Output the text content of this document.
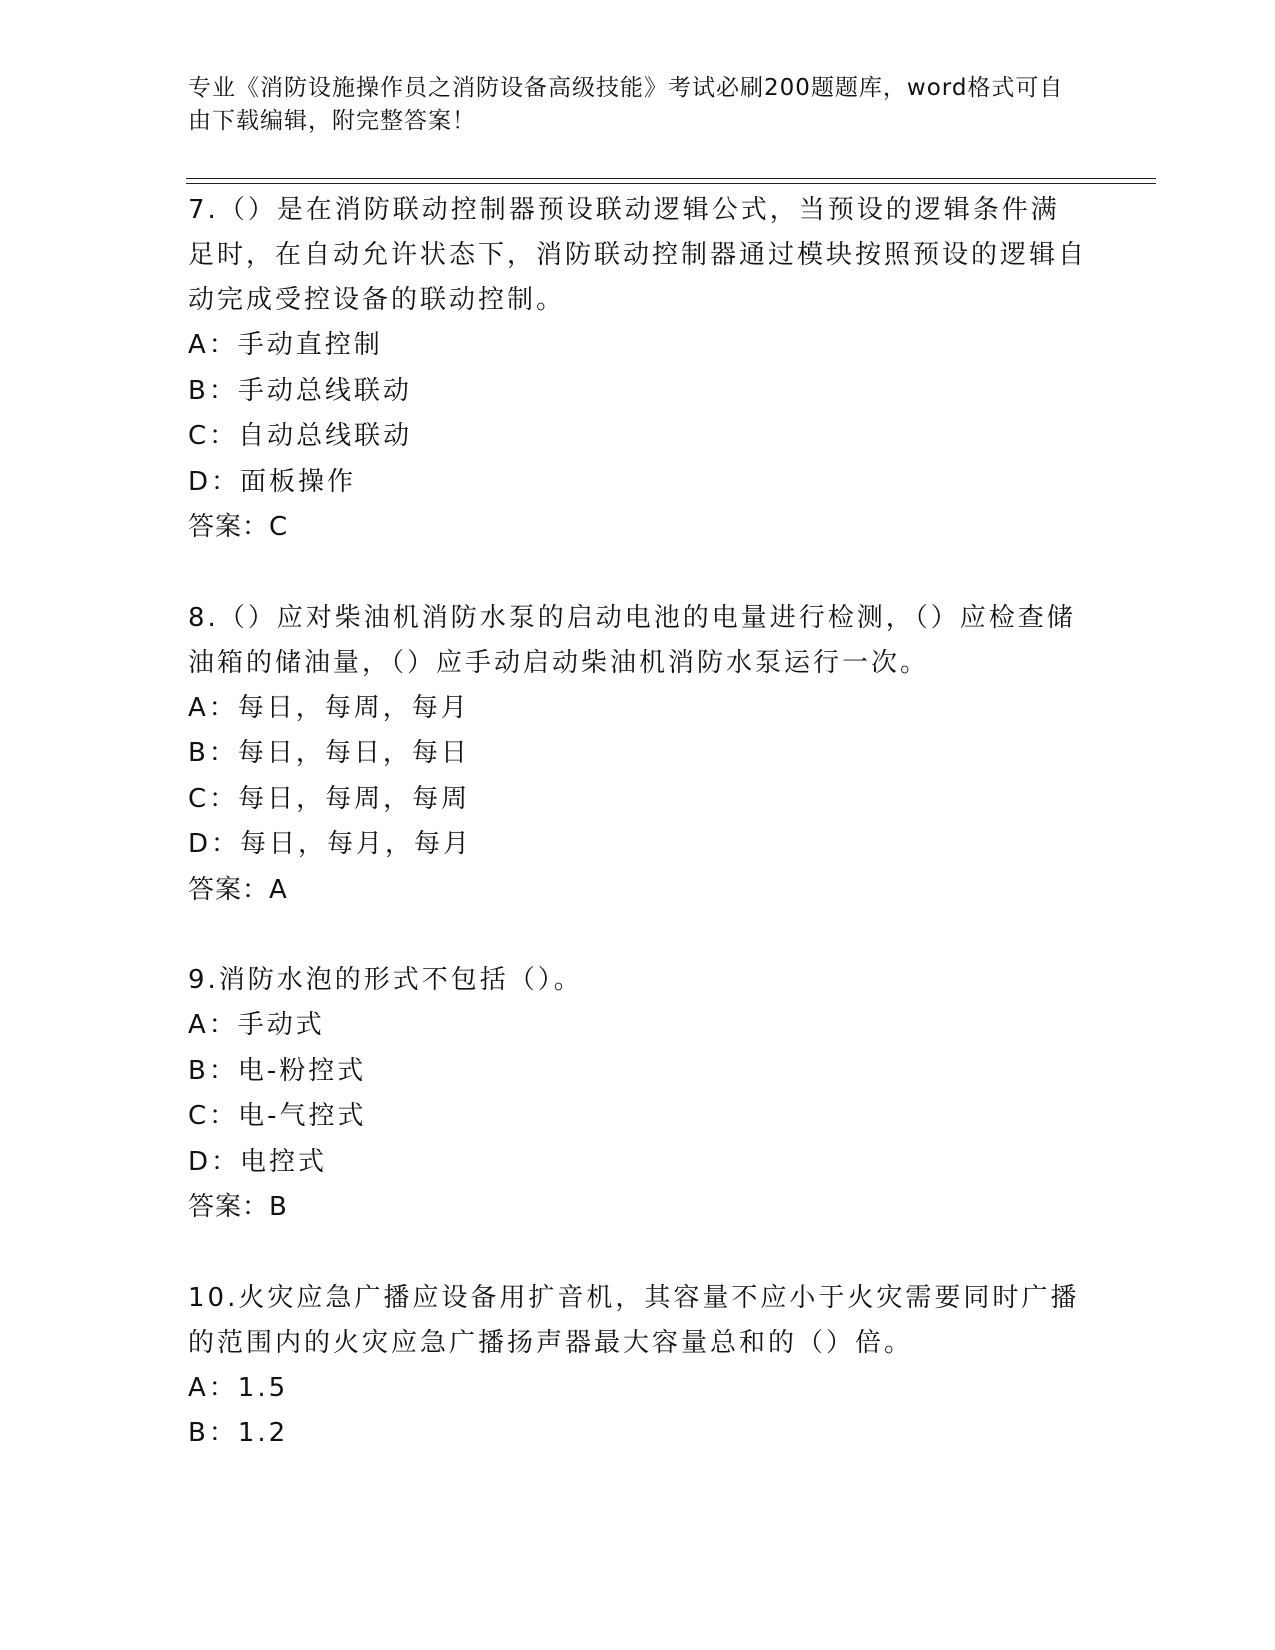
专业《消防设施操作员之消防设备高级技能》考试必刷200题题库，word格式可自由下载编辑，附完整答案！

7.（）是在消防联动控制器预设联动逻辑公式，当预设的逻辑条件满足时，在自动允许状态下，消防联动控制器通过模块按照预设的逻辑自动完成受控设备的联动控制。

A：手动直控制

B：手动总线联动

C：自动总线联动

D：面板操作

答案：C

8.（）应对柴油机消防水泵的启动电池的电量进行检测，（）应检查储油箱的储油量，（）应手动启动柴油机消防水泵运行一次。

A：每日，每周，每月

B：每日，每日，每日

C：每日，每周，每周

D：每日，每月，每月

答案：A

9.消防水泡的形式不包括（）。

A：手动式

B：电-粉控式

C：电-气控式

D：电控式

答案：B

10.火灾应急广播应设备用扩音机，其容量不应小于火灾需要同时广播的范围内的火灾应急广播扬声器最大容量总和的（）倍。

A：1.5

B：1.2
